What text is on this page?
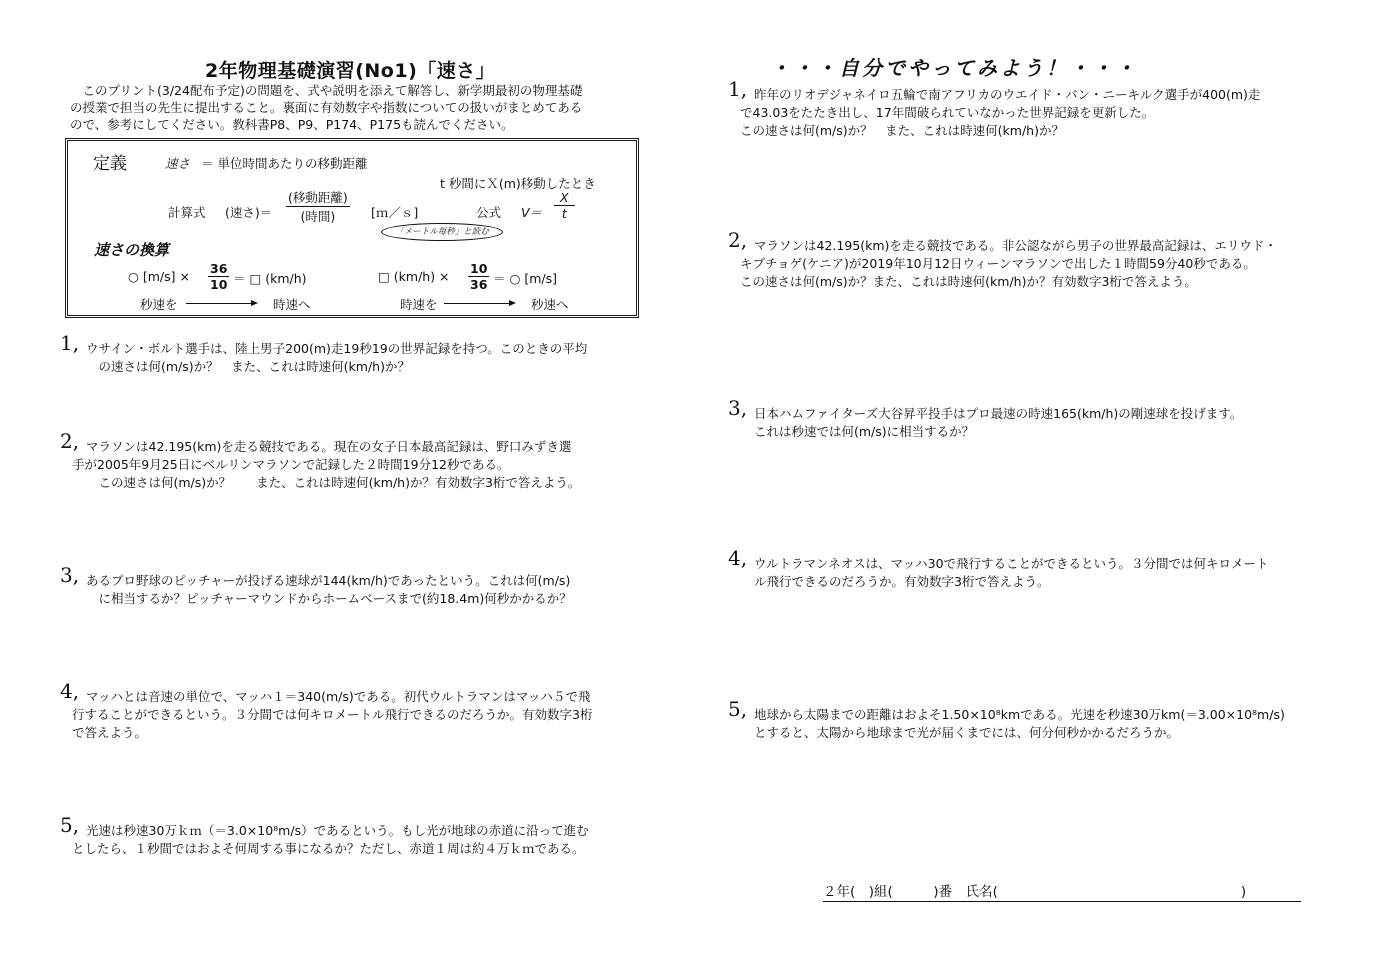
2年物理基礎演習(No1)「速さ」
　このプリント(3/24配布予定)の問題を、式や説明を添えて解答し、新学期最初の物理基礎
の授業で担当の先生に提出すること。裏面に有効数字や指数についての扱いがまとめてある
ので、参考にしてください。教科書P8、P9、P174、P175も読んでください。
定義	速さ ＝ 単位時間あたりの移動距離
t 秒間にＸ(m)移動したとき
計算式 (速さ)＝
(移動距離)
(時間)	[ｍ／ｓ]
「メートル毎秒」と読む
公式 $V= \frac{X}{t}$
速さの換算
○ $[m/s] \times \frac{36}{10}$ ＝ □ (km/h)	□ $(km/h) \times \frac{10}{36}$ ＝ ○ [m/s]
秒速を	時速へ	時速を	秒速へ
1, ウサイン・ボルト選手は、陸上男子200(m)走19秒19の世界記録を持つ。このときの平均
　の速さは何(m/s)か？　また、これは時速何(km/h)か？
2, マラソンは42.195(km)を走る競技である。現在の女子日本最高記録は、野口みずき選
手が2005年9月25日にベルリンマラソンで記録した２時間19分12秒である。
　この速さは何(m/s)か？　　また、これは時速何(km/h)か？有効数字3桁で答えよう。
3, あるプロ野球のピッチャーが投げる速球が144(km/h)であったという。これは何(m/s)
　に相当するか？ピッチャーマウンドからホームベースまで(約18.4m)何秒かかるか？
4, マッハとは音速の単位で、マッハ１＝340(m/s)である。初代ウルトラマンはマッハ５で飛
行することができるという。３分間では何キロメートル飛行できるのだろうか。有効数字3桁
で答えよう。
5, 光速は秒速30万ｋｍ（＝3.0×10⁸m/s）であるという。もし光が地球の赤道に沿って進む
としたら、１秒間ではおよそ何周する事になるか？ただし、赤道１周は約４万ｋｍである。
・・・自分でやってみよう！・・・
1, 昨年のリオデジャネイロ五輪で南アフリカのウエイド・バン・ニーキルク選手が400(m)走
で43.03をたたき出し、17年間破られていなかった世界記録を更新した。
この速さは何(m/s)か？　また、これは時速何(km/h)か？
2, マラソンは42.195(km)を走る競技である。非公認ながら男子の世界最高記録は、エリウド・
キプチョゲ(ケニア)が2019年10月12日ウィーンマラソンで出した１時間59分40秒である。
この速さは何(m/s)か？また、これは時速何(km/h)か？有効数字3桁で答えよう。
3, 日本ハムファイターズ大谷昇平投手はプロ最速の時速165(km/h)の剛速球を投げます。
これは秒速では何(m/s)に相当するか？
4, ウルトラマンネオスは、マッハ30で飛行することができるという。３分間では何キロメート
ル飛行できるのだろうか。有効数字3桁で答えよう。
5, 地球から太陽までの距離はおよそ1.50×10⁸kmである。光速を秒速30万km(＝3.00×10⁸m/s)
とすると、太陽から地球まで光が届くまでには、何分何秒かかるだろうか。
２年(　)組(　　　)番　氏名(　　　　　　　　　　　　　　　　　　)
